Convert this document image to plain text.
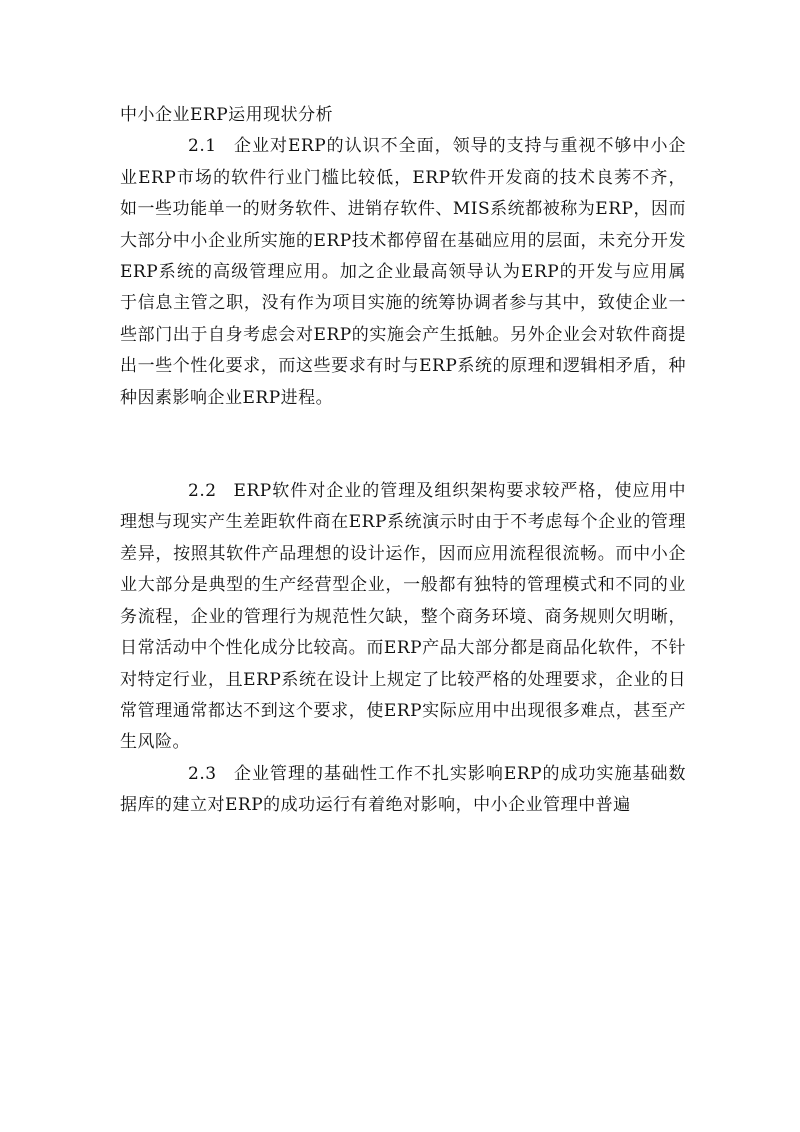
中小企业ERP运用现状分析

2.1 企业对ERP的认识不全面，领导的支持与重视不够中小企业ERP市场的软件行业门槛比较低，ERP软件开发商的技术良莠不齐，如一些功能单一的财务软件、进销存软件、MIS系统都被称为ERP，因而大部分中小企业所实施的ERP技术都停留在基础应用的层面，未充分开发ERP系统的高级管理应用。加之企业最高领导认为ERP的开发与应用属于信息主管之职，没有作为项目实施的统筹协调者参与其中，致使企业一些部门出于自身考虑会对ERP的实施会产生抵触。另外企业会对软件商提出一些个性化要求，而这些要求有时与ERP系统的原理和逻辑相矛盾，种种因素影响企业ERP进程。

2.2 ERP软件对企业的管理及组织架构要求较严格，使应用中理想与现实产生差距软件商在ERP系统演示时由于不考虑每个企业的管理差异，按照其软件产品理想的设计运作，因而应用流程很流畅。而中小企业大部分是典型的生产经营型企业，一般都有独特的管理模式和不同的业务流程，企业的管理行为规范性欠缺，整个商务环境、商务规则欠明晰，日常活动中个性化成分比较高。而ERP产品大部分都是商品化软件，不针对特定行业，且ERP系统在设计上规定了比较严格的处理要求，企业的日常管理通常都达不到这个要求，使ERP实际应用中出现很多难点，甚至产生风险。

2.3 企业管理的基础性工作不扎实影响ERP的成功实施基础数据库的建立对ERP的成功运行有着绝对影响，中小企业管理中普遍
